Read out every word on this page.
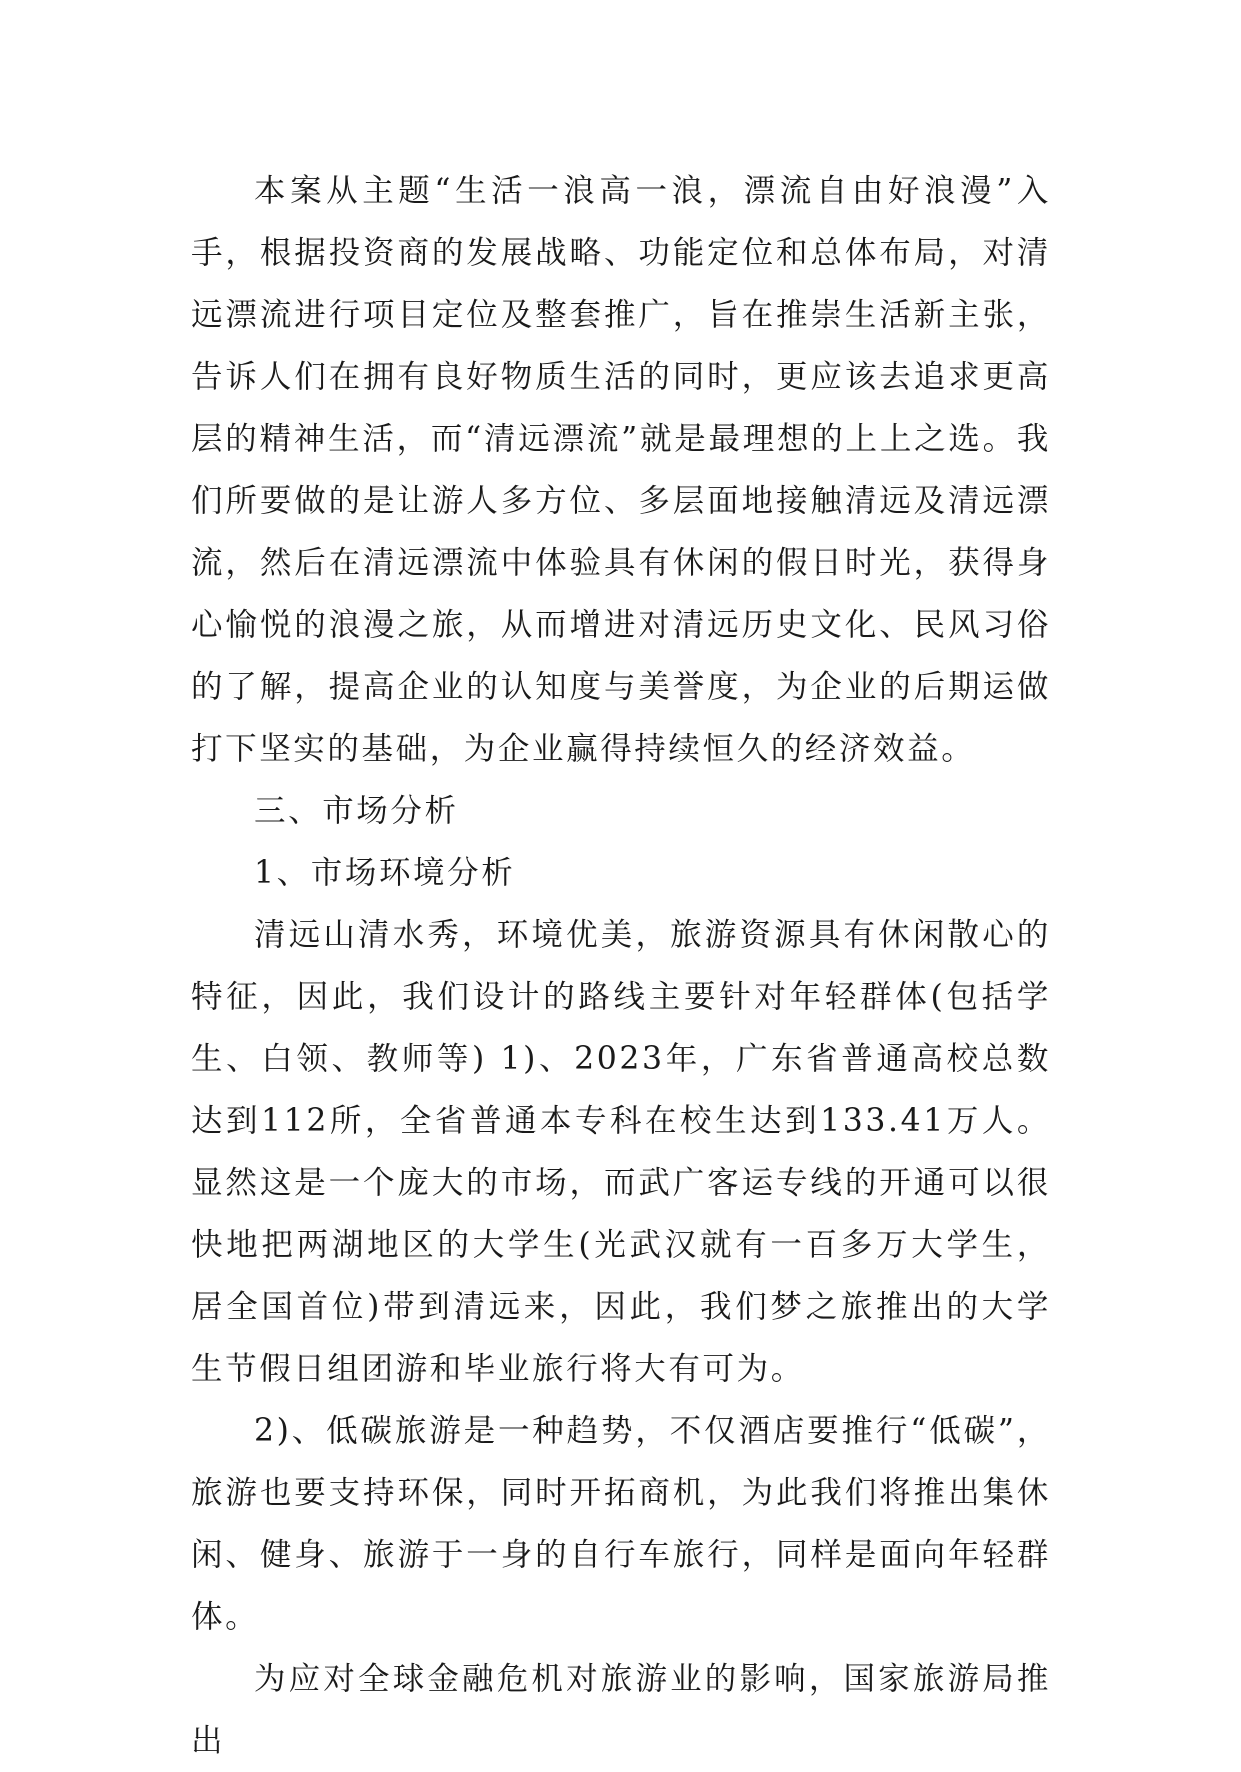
本案从主题“生活一浪高一浪，漂流自由好浪漫”入手，根据投资商的发展战略、功能定位和总体布局，对清远漂流进行项目定位及整套推广，旨在推崇生活新主张，告诉人们在拥有良好物质生活的同时，更应该去追求更高层的精神生活，而“清远漂流”就是最理想的上上之选。我们所要做的是让游人多方位、多层面地接触清远及清远漂流，然后在清远漂流中体验具有休闲的假日时光，获得身心愉悦的浪漫之旅，从而增进对清远历史文化、民风习俗的了解，提高企业的认知度与美誉度，为企业的后期运做打下坚实的基础，为企业赢得持续恒久的经济效益。

三、市场分析

1、市场环境分析

清远山清水秀，环境优美，旅游资源具有休闲散心的特征，因此，我们设计的路线主要针对年轻群体(包括学生、白领、教师等) 1)、2023年，广东省普通高校总数达到112所，全省普通本专科在校生达到133.41万人。显然这是一个庞大的市场，而武广客运专线的开通可以很快地把两湖地区的大学生(光武汉就有一百多万大学生，居全国首位)带到清远来，因此，我们梦之旅推出的大学生节假日组团游和毕业旅行将大有可为。

2)、低碳旅游是一种趋势，不仅酒店要推行“低碳”，旅游也要支持环保，同时开拓商机，为此我们将推出集休闲、健身、旅游于一身的自行车旅行，同样是面向年轻群体。

为应对全球金融危机对旅游业的影响，国家旅游局推出
